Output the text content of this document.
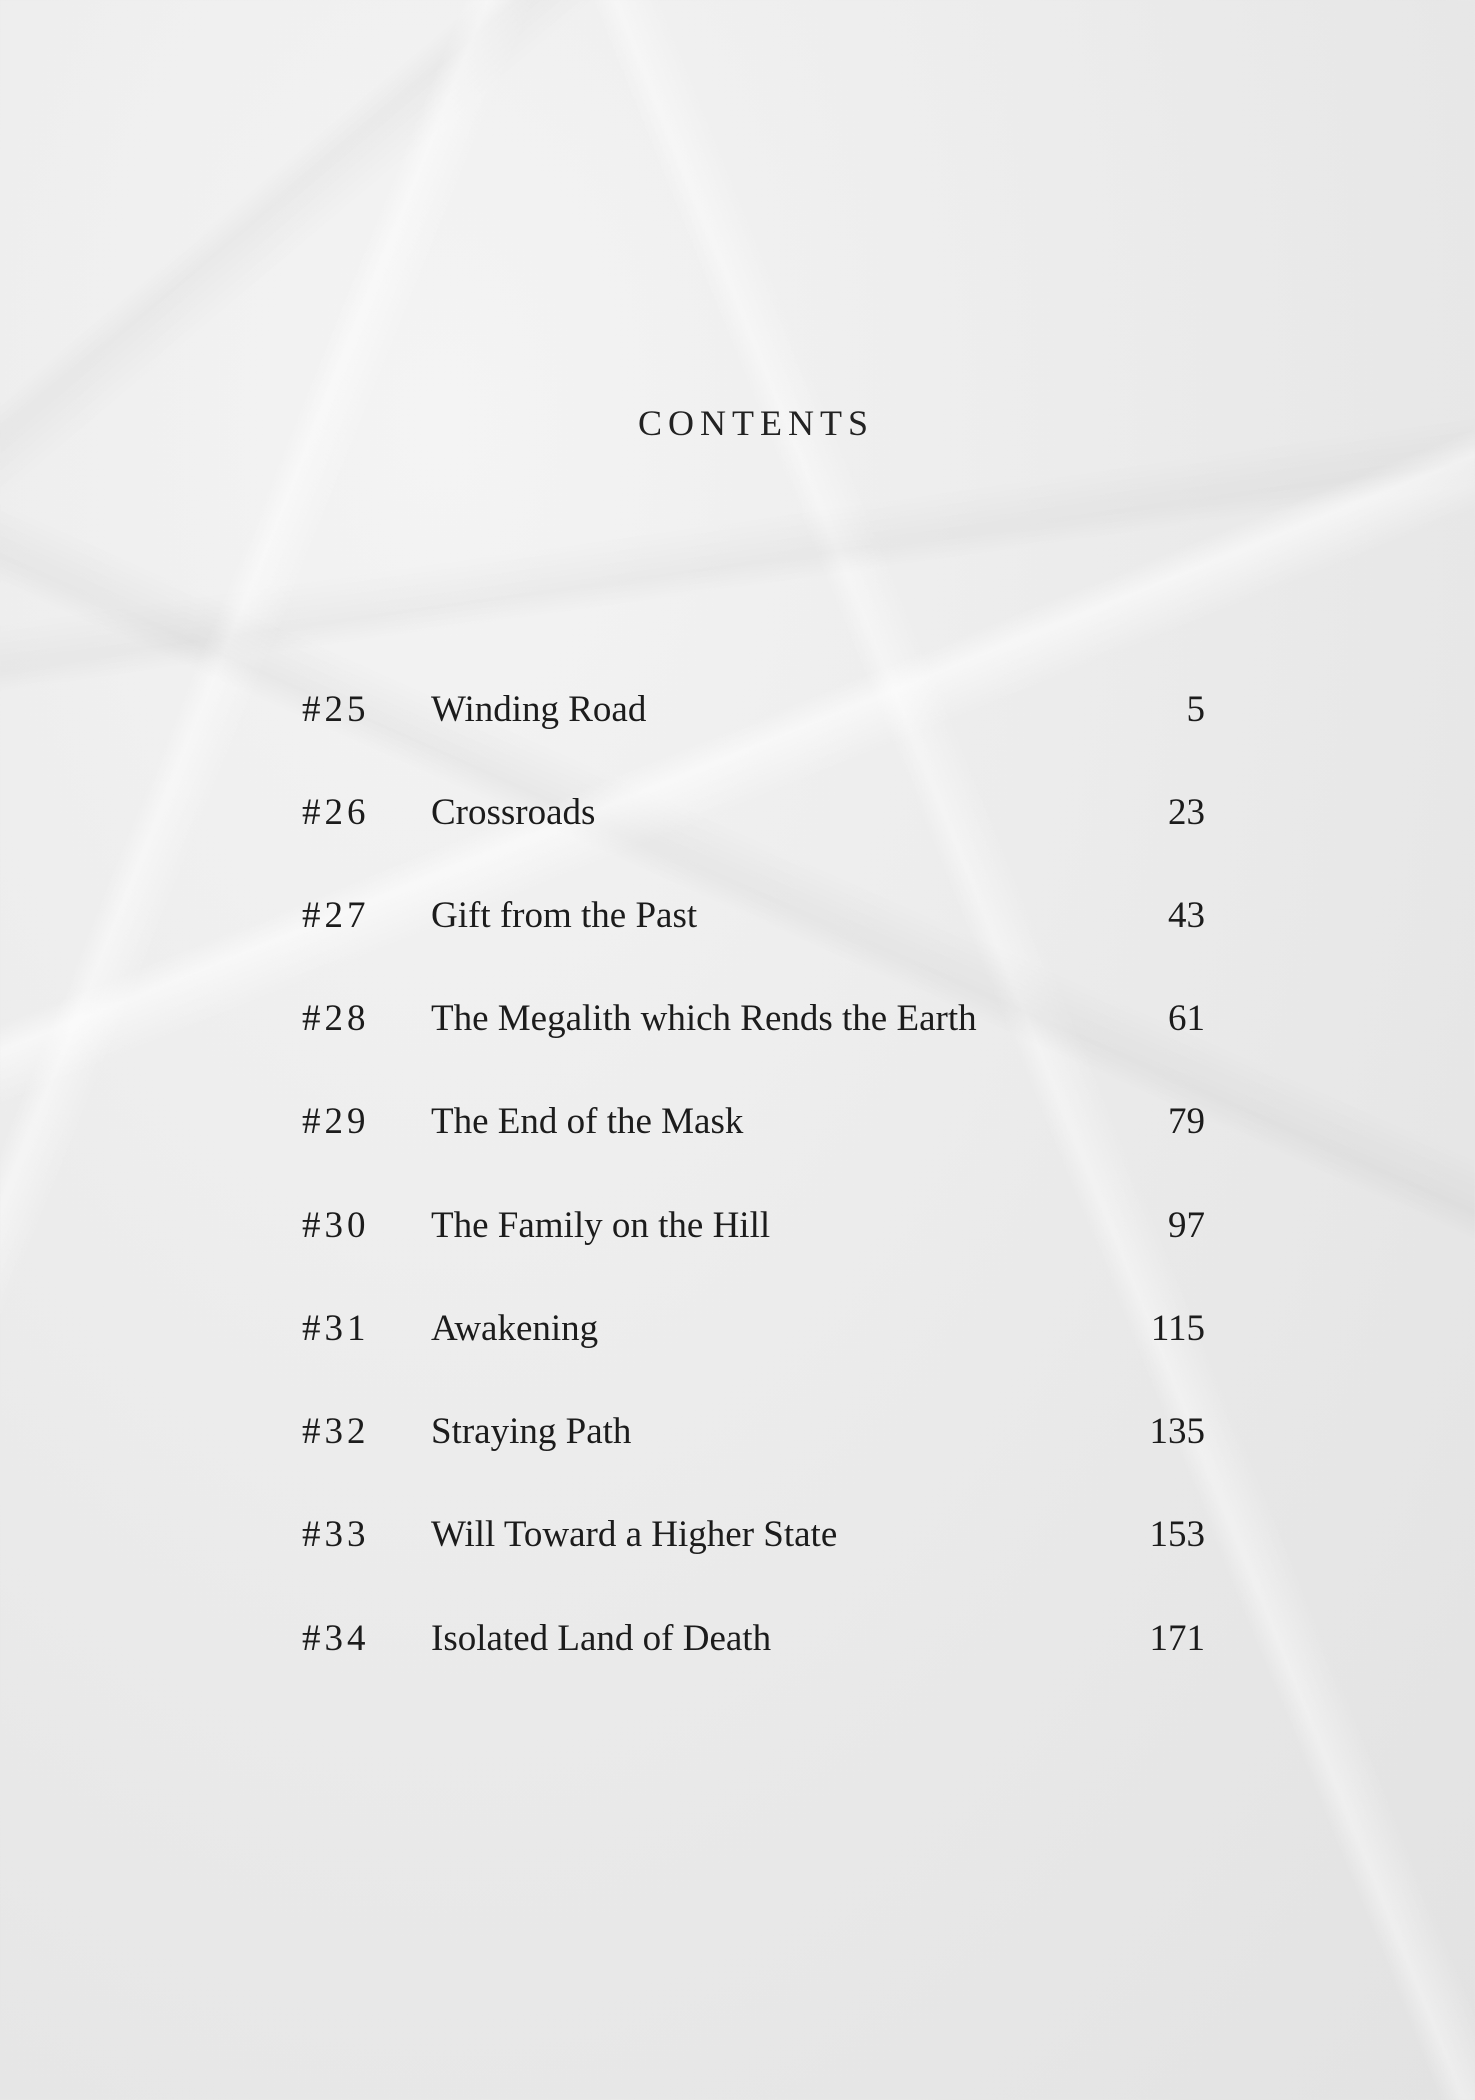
CONTENTS
#25 Winding Road	5
#26 Crossroads	23
#27 Gift from the Past	43
#28 The Megalith which Rends the Earth	61
#29 The End of the Mask	79
#30 The Family on the Hill	97
#31 Awakening	115
#32 Straying Path	135
#33 Will Toward a Higher State	153
#34 Isolated Land of Death	171
